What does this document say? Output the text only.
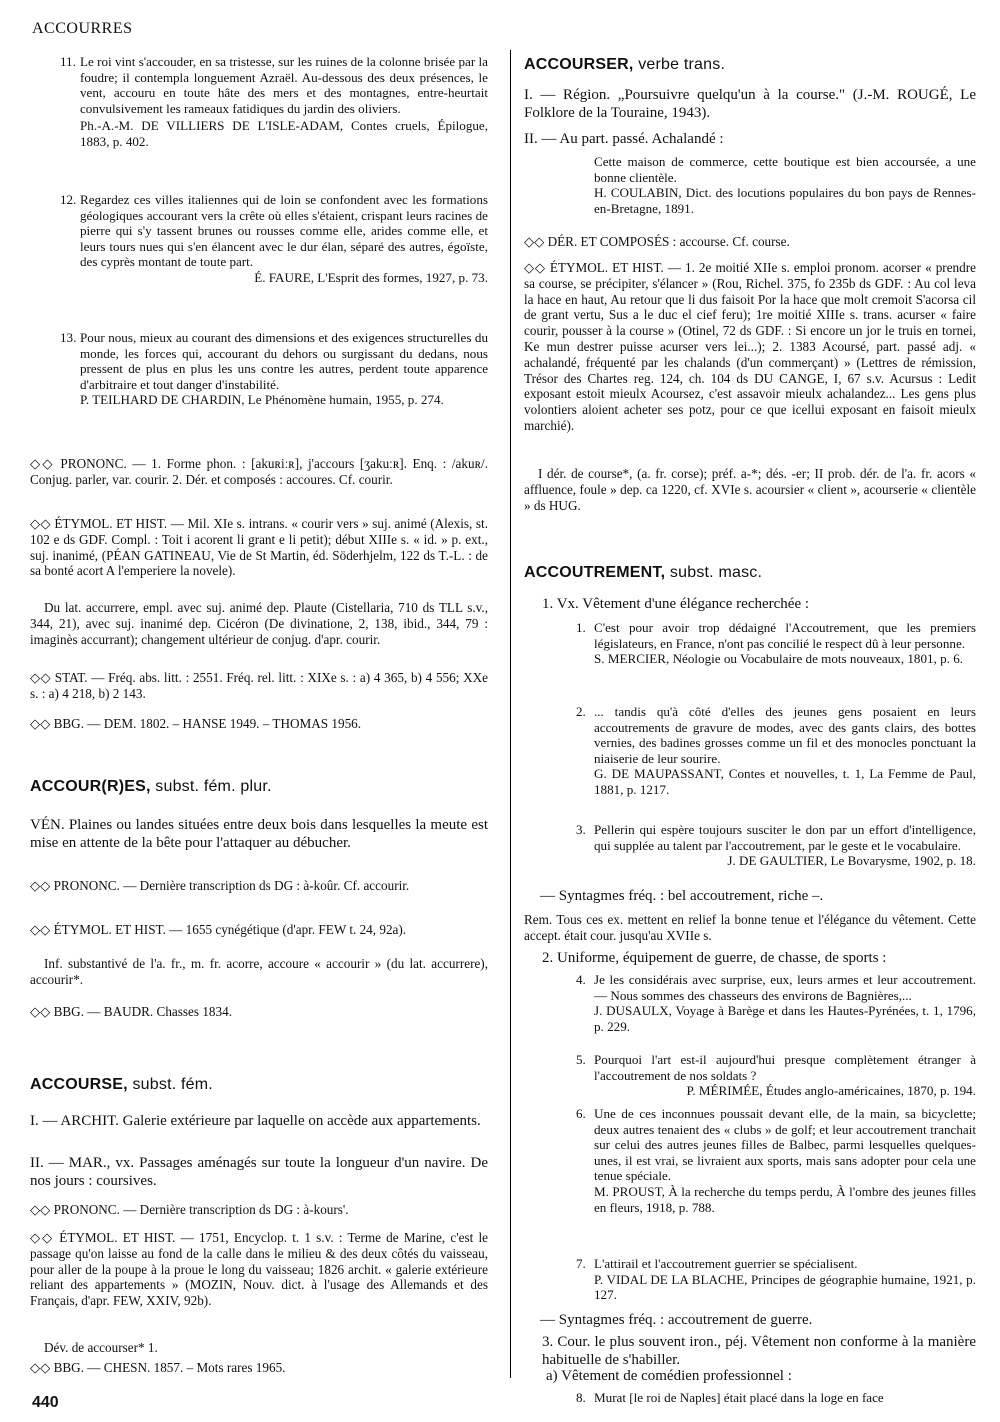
ACCOURRES
11. Le roi vint s'accouder, en sa tristesse, sur les ruines de la colonne brisée par la foudre; il contempla longuement Azraël. Au-dessous des deux présences, le vent, accouru en toute hâte des mers et des montagnes, entre-heurtait convulsivement les rameaux fatidiques du jardin des oliviers.
Ph.-A.-M. DE VILLIERS DE L'ISLE-ADAM, Contes cruels, Épilogue, 1883, p. 402.
12. Regardez ces villes italiennes qui de loin se confondent avec les formations géologiques accourant vers la crête où elles s'étaient, crispant leurs racines de pierre qui s'y tassent brunes ou rousses comme elle, arides comme elle, et leurs tours nues qui s'en élancent avec le dur élan, séparé des autres, égoïste, des cyprès montant de toute part.
É. FAURE, L'Esprit des formes, 1927, p. 73.
13. Pour nous, mieux au courant des dimensions et des exigences structurelles du monde, les forces qui, accourant du dehors ou surgissant du dedans, nous pressent de plus en plus les uns contre les autres, perdent toute apparence d'arbitraire et tout danger d'instabilité.
P. TEILHARD DE CHARDIN, Le Phénomène humain, 1955, p. 274.
◇◇ PRONONC. — 1. Forme phon. : [akuʀiːʀ], j'accours [ʒakuːʀ]. Enq. : /akuʀ/. Conjug. parler, var. courir. 2. Dér. et composés : accoures. Cf. courir.
◇◇ ÉTYMOL. ET HIST. — Mil. XIe s. intrans. « courir vers » suj. animé (Alexis, st. 102 e ds GDF. Compl. : Toit i acorent li grant e li petit); début XIIIe s. « id. » p. ext., suj. inanimé, (PÉAN GATINEAU, Vie de St Martin, éd. Söderhjelm, 122 ds T.-L. : de sa bonté acort A l'emperiere la novele).
Du lat. accurrere, empl. avec suj. animé dep. Plaute (Cistellaria, 710 ds TLL s.v., 344, 21), avec suj. inanimé dep. Cicéron (De divinatione, 2, 138, ibid., 344, 79 : imaginès accurrant); changement ultérieur de conjug. d'apr. courir.
◇◇ STAT. — Fréq. abs. litt. : 2551. Fréq. rel. litt. : XIXe s. : a) 4 365, b) 4 556; XXe s. : a) 4 218, b) 2 143.
◇◇ BBG. — DEM. 1802. – HANSE 1949. – THOMAS 1956.
ACCOUR(R)ES, subst. fém. plur.
VÉN. Plaines ou landes situées entre deux bois dans lesquelles la meute est mise en attente de la bête pour l'attaquer au débucher.
◇◇ PRONONC. — Dernière transcription ds DG : à-koûr. Cf. accourir.
◇◇ ÉTYMOL. ET HIST. — 1655 cynégétique (d'apr. FEW t. 24, 92a).
Inf. substantivé de l'a. fr., m. fr. acorre, accoure « accourir » (du lat. accurrere), accourir*.
◇◇ BBG. — BAUDR. Chasses 1834.
ACCOURSE, subst. fém.
I. — ARCHIT. Galerie extérieure par laquelle on accède aux appartements.
II. — MAR., vx. Passages aménagés sur toute la longueur d'un navire. De nos jours : coursives.
◇◇ PRONONC. — Dernière transcription ds DG : à-kours'.
◇◇ ÉTYMOL. ET HIST. — 1751, Encyclop. t. 1 s.v. : Terme de Marine, c'est le passage qu'on laisse au fond de la calle dans le milieu & des deux côtés du vaisseau, pour aller de la poupe à la proue le long du vaisseau; 1826 archit. « galerie extérieure reliant des appartements » (MOZIN, Nouv. dict. à l'usage des Allemands et des Français, d'apr. FEW, XXIV, 92b).
Dév. de accourser* 1.
◇◇ BBG. — CHESN. 1857. – Mots rares 1965.
ACCOURSER, verbe trans.
I. — Région. „Poursuivre quelqu'un à la course." (J.-M. ROUGÉ, Le Folklore de la Touraine, 1943).
II. — Au part. passé. Achalandé :
Cette maison de commerce, cette boutique est bien accoursée, a une bonne clientèle.
H. COULABIN, Dict. des locutions populaires du bon pays de Rennes-en-Bretagne, 1891.
◇◇ DÉR. ET COMPOSÉS : accourse. Cf. course.
◇◇ ÉTYMOL. ET HIST. — 1. 2e moitié XIIe s. emploi pronom. acorser « prendre sa course, se précipiter, s'élancer » (Rou, Richel. 375, fo 235b ds GDF. : Au col leva la hace en haut, Au retour que li dus faisoit Por la hace que molt cremoit S'acorsa cil de grant vertu, Sus a le duc el cief feru); 1re moitié XIIIe s. trans. acurser « faire courir, pousser à la course » (Otinel, 72 ds GDF. : Si encore un jor le truis en tornei, Ke mun destrer puisse acurser vers lei...); 2. 1383 Acoursé, part. passé adj. « achalandé, fréquenté par les chalands (d'un commerçant) » (Lettres de rémission, Trésor des Chartes reg. 124, ch. 104 ds DU CANGE, I, 67 s.v. Acursus : Ledit exposant estoit mieulx Acoursez, c'est assavoir mieulx achalandez... Les gens plus volontiers aloient acheter ses potz, pour ce que icellui exposant en faisoit mieulx marchié).
I dér. de course*, (a. fr. corse); préf. a-*; dés. -er; II prob. dér. de l'a. fr. acors « affluence, foule » dep. ca 1220, cf. XVIe s. acoursier « client », acourserie « clientèle » ds HUG.
ACCOUTREMENT, subst. masc.
1. Vx. Vêtement d'une élégance recherchée :
1. C'est pour avoir trop dédaigné l'Accoutrement, que les premiers législateurs, en France, n'ont pas concilié le respect dû à leur personne.
S. MERCIER, Néologie ou Vocabulaire de mots nouveaux, 1801, p. 6.
2. ... tandis qu'à côté d'elles des jeunes gens posaient en leurs accoutrements de gravure de modes, avec des gants clairs, des bottes vernies, des badines grosses comme un fil et des monocles ponctuant la niaiserie de leur sourire.
G. DE MAUPASSANT, Contes et nouvelles, t. 1, La Femme de Paul, 1881, p. 1217.
3. Pellerin qui espère toujours susciter le don par un effort d'intelligence, qui supplée au talent par l'accoutrement, par le geste et le vocabulaire.
J. DE GAULTIER, Le Bovarysme, 1902, p. 18.
— Syntagmes fréq. : bel accoutrement, riche –.
Rem. Tous ces ex. mettent en relief la bonne tenue et l'élégance du vêtement. Cette accept. était cour. jusqu'au XVIIe s.
2. Uniforme, équipement de guerre, de chasse, de sports :
4. Je les considérais avec surprise, eux, leurs armes et leur accoutrement. — Nous sommes des chasseurs des environs de Bagnières,...
J. DUSAULX, Voyage à Barège et dans les Hautes-Pyrénées, t. 1, 1796, p. 229.
5. Pourquoi l'art est-il aujourd'hui presque complètement étranger à l'accoutrement de nos soldats ?
P. MÉRIMÉE, Études anglo-américaines, 1870, p. 194.
6. Une de ces inconnues poussait devant elle, de la main, sa bicyclette; deux autres tenaient des « clubs » de golf; et leur accoutrement tranchait sur celui des autres jeunes filles de Balbec, parmi lesquelles quelques-unes, il est vrai, se livraient aux sports, mais sans adopter pour cela une tenue spéciale.
M. PROUST, À la recherche du temps perdu, À l'ombre des jeunes filles en fleurs, 1918, p. 788.
7. L'attirail et l'accoutrement guerrier se spécialisent.
P. VIDAL DE LA BLACHE, Principes de géographie humaine, 1921, p. 127.
— Syntagmes fréq. : accoutrement de guerre.
3. Cour. le plus souvent iron., péj. Vêtement non conforme à la manière habituelle de s'habiller.
a) Vêtement de comédien professionnel :
8. Murat [le roi de Naples] était placé dans la loge en face
440
